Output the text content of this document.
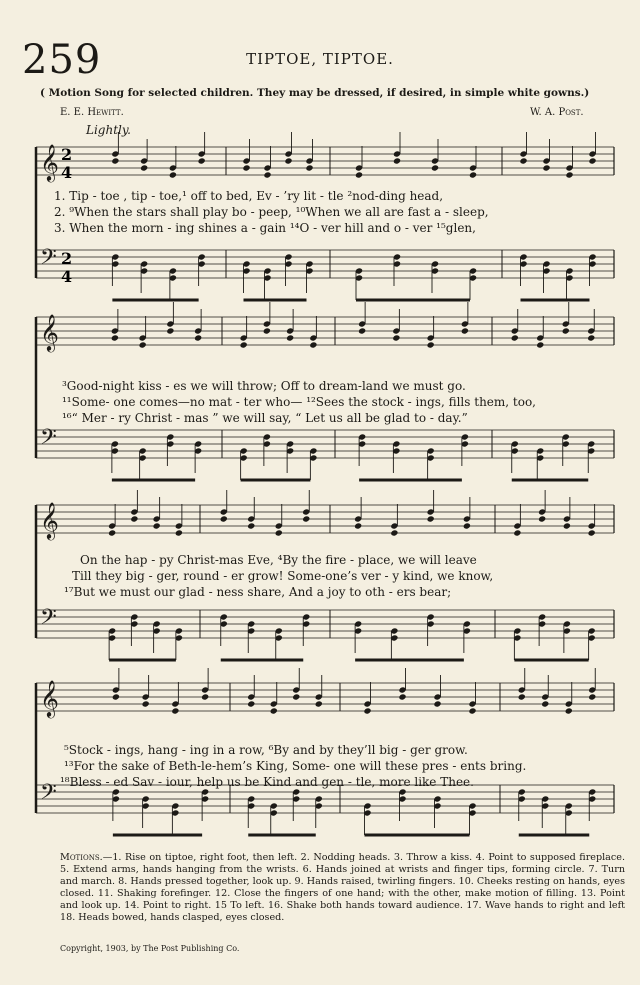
259	TIPTOE, TIPTOE.
( Motion Song for selected children. They may be dressed, if desired, in simple white gowns.)
E. E. Hewitt.	W. A. Post.
Lightly.
𝄞
𝄢
𝄞
𝄢
𝄞
𝄢
𝄞
𝄢
2
4
2
4
1. Tip - toe , tip - toe,¹ off to bed, Ev - ’ry lit - tle ²nod-ding head,
2. ⁹When the stars shall play bo - peep, ¹⁰When we all are fast a - sleep,
3. When the morn - ing shines a - gain ¹⁴O - ver hill and o - ver ¹⁵glen,
³Good-night kiss - es we will throw; Off to dream-land we must go.
¹¹Some- one comes—no mat - ter who— ¹²Sees the stock - ings, fills them, too,
¹⁶“ Mer - ry Christ - mas ” we will say, “ Let us all be glad to - day.”
On the hap - py Christ-mas Eve, ⁴By the fire - place, we will leave
Till they big - ger, round - er grow! Some-one’s ver - y kind, we know,
¹⁷But we must our glad - ness share, And a joy to oth - ers bear;
⁵Stock - ings, hang - ing in a row, ⁶By and by they’ll big - ger grow.
¹³For the sake of Beth-le-hem’s King, Some- one will these pres - ents bring.
¹⁸Bless - ed Sav - iour, help us be Kind and gen - tle, more like Thee.
Motions.—1. Rise on tiptoe, right foot, then left. 2. Nodding heads. 3. Throw a kiss. 4. Point to supposed fireplace. 5. Extend arms, hands hanging from the wrists. 6. Hands joined at wrists and finger tips, forming circle. 7. Turn and march. 8. Hands pressed together, look up. 9. Hands raised, twirling fingers. 10. Cheeks resting on hands, eyes closed. 11. Shaking forefinger. 12. Close the fingers of one hand; with the other, make motion of filling. 13. Point and look up. 14. Point to right. 15 To left. 16. Shake both hands toward audience. 17. Wave hands to right and left 18. Heads bowed, hands clasped, eyes closed.
Copyright, 1903, by The Post Publishing Co.
